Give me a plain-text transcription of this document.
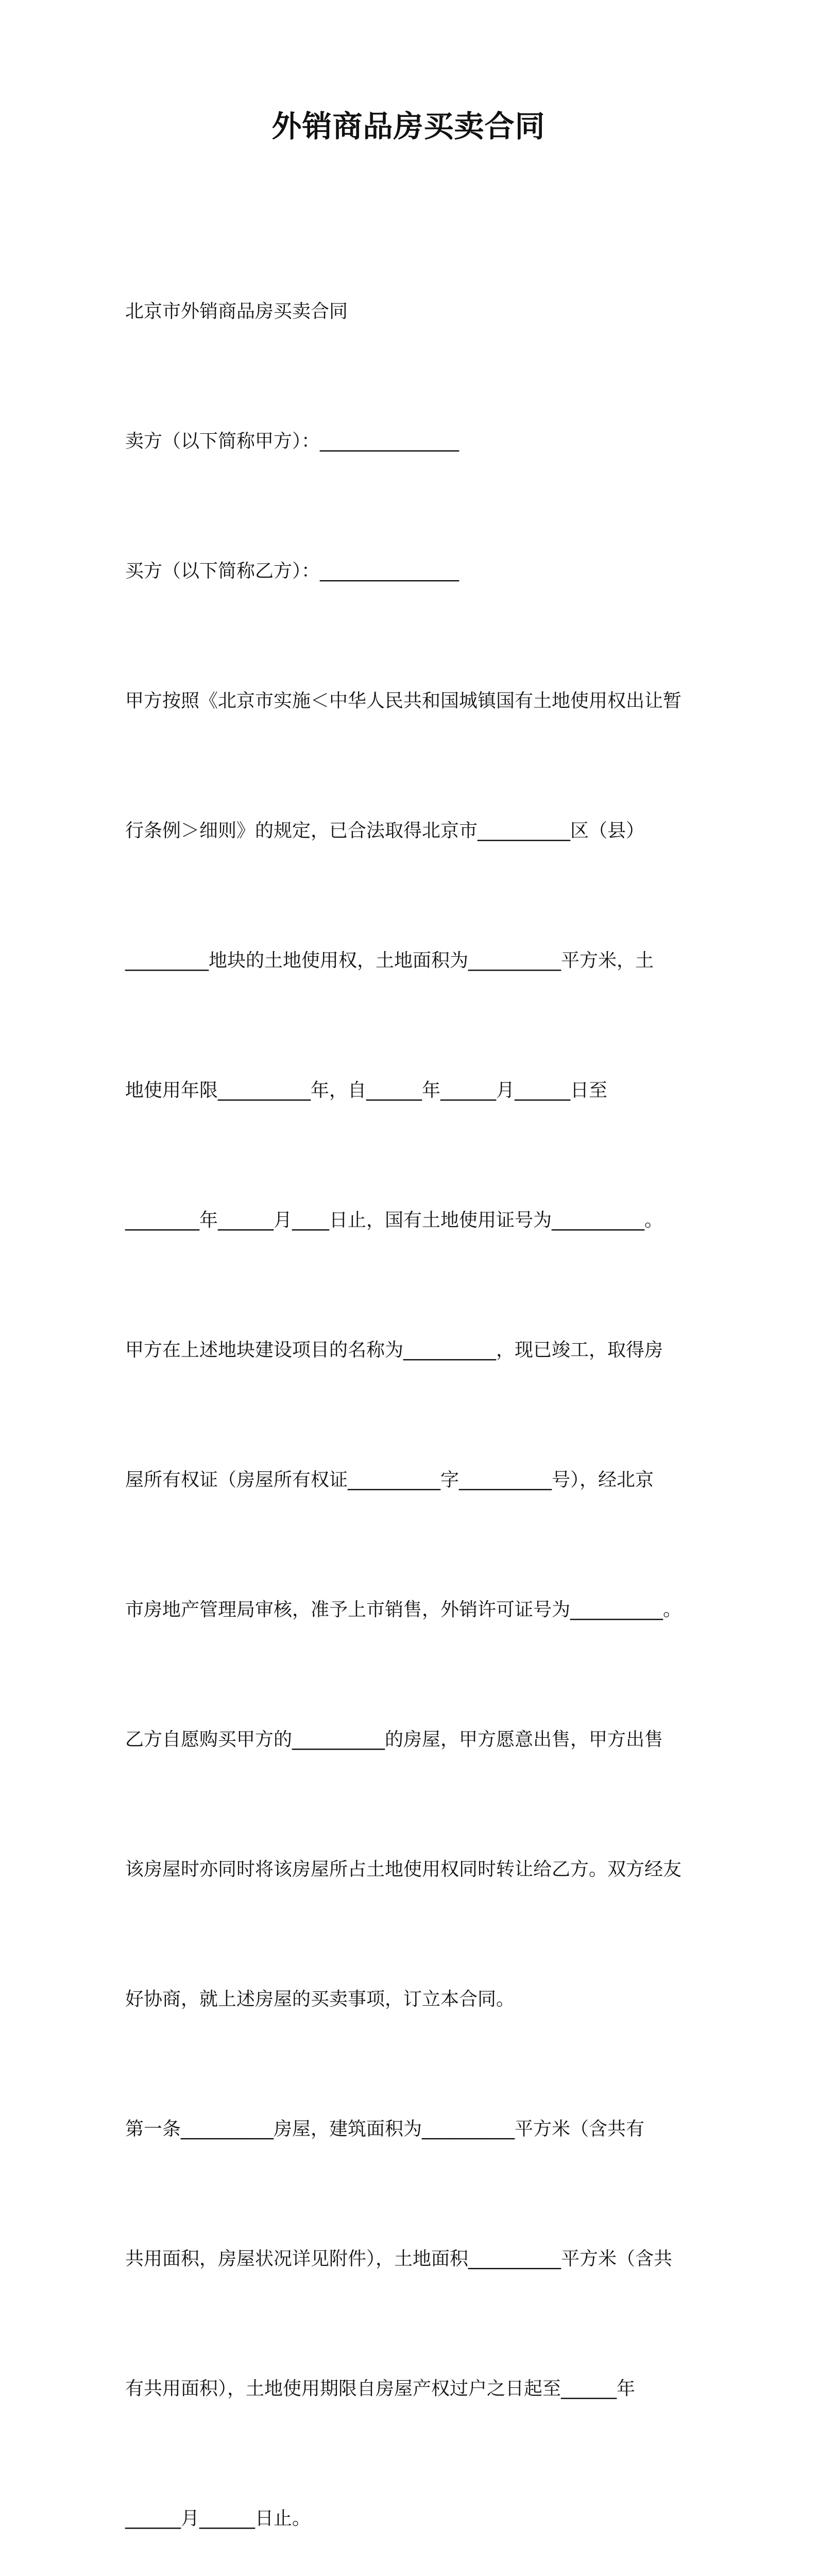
外销商品房买卖合同

北京市外销商品房买卖合同

卖方（以下简称甲方）：_______________

买方（以下简称乙方）：_______________

甲方按照《北京市实施＜中华人民共和国城镇国有土地使用权出让暂

行条例＞细则》的规定，已合法取得北京市__________区（县）

_________地块的土地使用权，土地面积为__________平方米，土

地使用年限__________年，自______年______月______日至

________年______月____日止，国有土地使用证号为__________。

甲方在上述地块建设项目的名称为__________，现已竣工，取得房

屋所有权证（房屋所有权证__________字__________号），经北京

市房地产管理局审核，准予上市销售，外销许可证号为__________。

乙方自愿购买甲方的__________的房屋，甲方愿意出售，甲方出售

该房屋时亦同时将该房屋所占土地使用权同时转让给乙方。双方经友

好协商，就上述房屋的买卖事项，订立本合同。

第一条__________房屋，建筑面积为__________平方米（含共有

共用面积，房屋状况详见附件），土地面积__________平方米（含共

有共用面积），土地使用期限自房屋产权过户之日起至______年

______月______日止。
